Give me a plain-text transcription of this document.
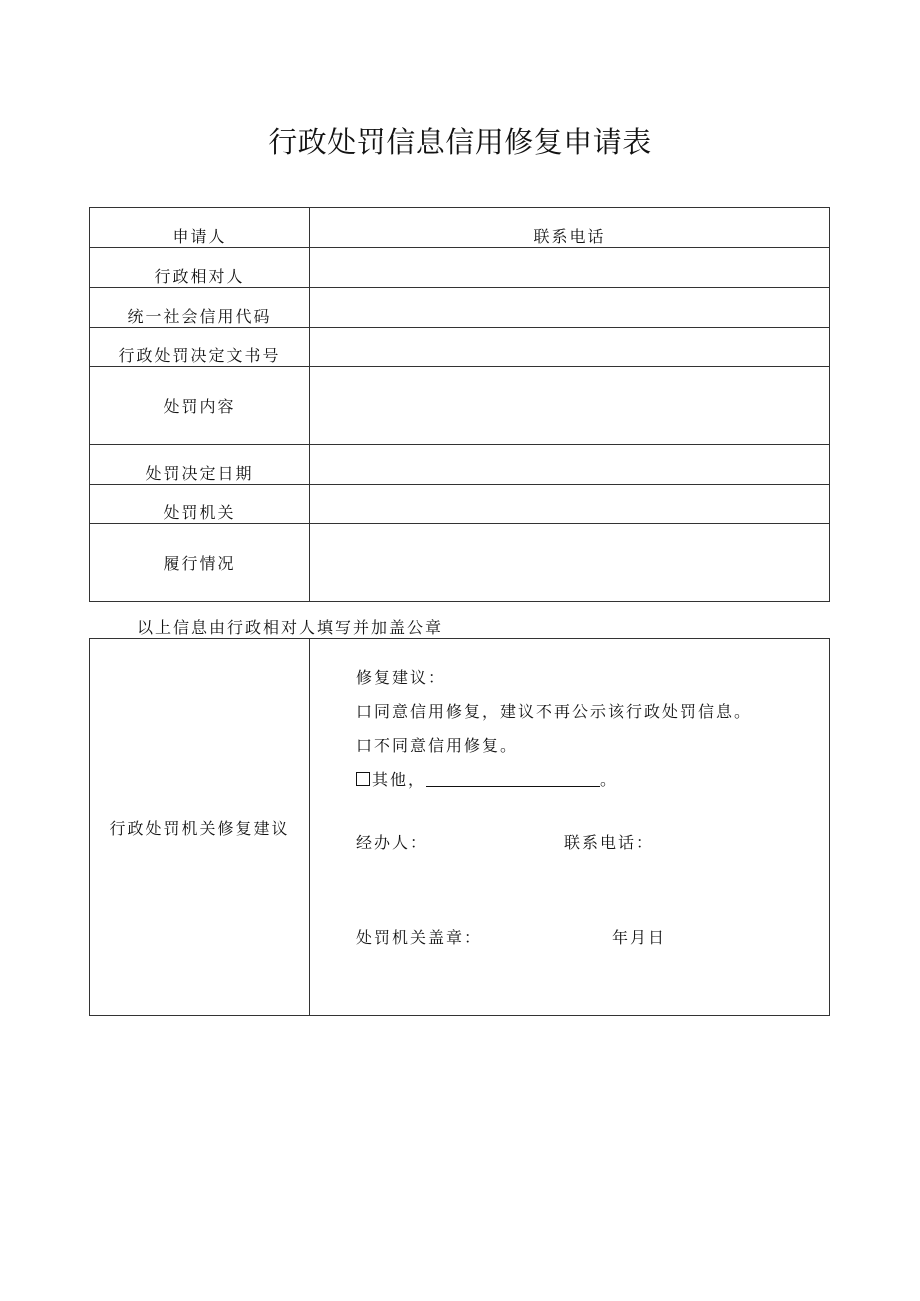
行政处罚信息信用修复申请表
申请人	联系电话
行政相对人	
统一社会信用代码	
行政处罚决定文书号	
处罚内容	
处罚决定日期	
处罚机关	
履行情况	
以上信息由行政相对人填写并加盖公章
行政处罚机关修复建议	
修复建议：
口同意信用修复，建议不再公示该行政处罚信息。
口不同意信用修复。
其他，	。
经办人：	联系电话：
处罚机关盖章：	年月日
